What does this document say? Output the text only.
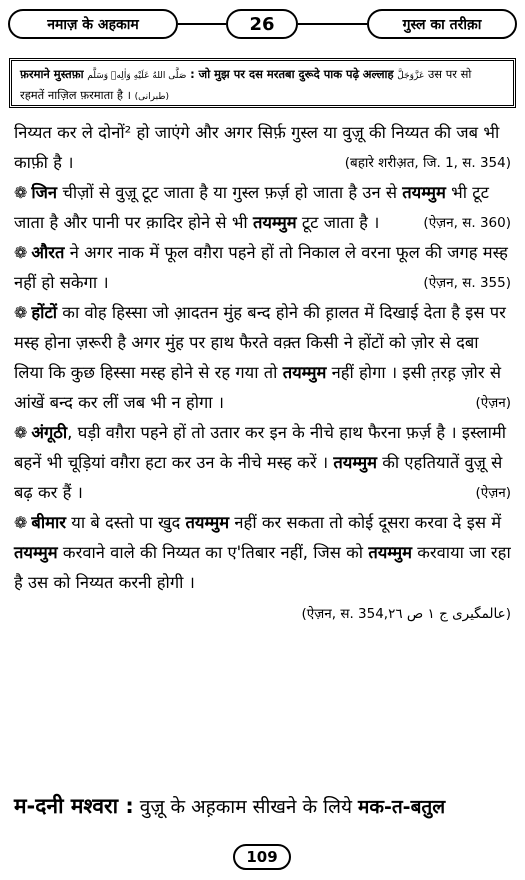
नमाज़ के अहकाम	26	गुस्ल का तरीक़ा
फ़रमाने मुस्तफ़ा صَلَّى اللهُ عَلَيْهِ وَاٰلِهٖ وَسَلَّم : जो मुझ पर दस मरतबा दुरूदे पाक पढ़े अल्लाह عَزَّوَجَلَّ उस पर सो
रहमतें नाज़िल फ़रमाता है । (طبرانی)

निय्यत कर ले दोनों² हो जाएंगे और अगर सिर्फ़ गुस्ल या वुज़ू की निय्यत की जब भी काफ़ी है ।	(बहारे शरीअ़त, जि. 1, स. 354)

❁ जिन चीज़ों से वुज़ू टूट जाता है या गुस्ल फ़र्ज़ हो जाता है उन से तयम्मुम भी टूट जाता है और पानी पर क़ादिर होने से भी तयम्मुम टूट जाता है ।	(ऐज़न, स. 360)

❁ औरत ने अगर नाक में फूल वग़ैरा पहने हों तो निकाल ले वरना फूल की जगह मस्ह नहीं हो सकेगा ।	(ऐज़न, स. 355)

❁ होंटों का वोह हिस्सा जो आ़दतन मुंह बन्द होने की ह़ालत में दिखाई देता है इस पर मस्ह होना ज़रूरी है अगर मुंह पर हाथ फैरते वक़्त किसी ने होंटों को ज़ोर से दबा लिया कि कुछ हिस्सा मस्ह होने से रह गया तो तयम्मुम नहीं होगा । इसी त़रह़ ज़ोर से आंखें बन्द कर लीं जब भी न होगा ।	(ऐज़न)

❁ अंगूठी, घड़ी वग़ैरा पहने हों तो उतार कर इन के नीचे हाथ फैरना फ़र्ज़ है । इस्लामी बहनें भी चूड़ियां वग़ैरा हटा कर उन के नीचे मस्ह करें । तयम्मुम की एहतियातें वुज़ू से बढ़ कर हैं ।	(ऐज़न)

❁ बीमार या बे दस्तो पा खुद तयम्मुम नहीं कर सकता तो कोई दूसरा करवा दे इस में तयम्मुम करवाने वाले की निय्यत का ए'तिबार नहीं, जिस को तयम्मुम करवाया जा रहा है उस को निय्यत करनी होगी ।

(ऐज़न, स. 354,عالمگیری ج ۱ ص ۲٦)

म-दनी मश्वरा : वुज़ू के अह़काम सीखने के लिये मक-त-बतुल
109
